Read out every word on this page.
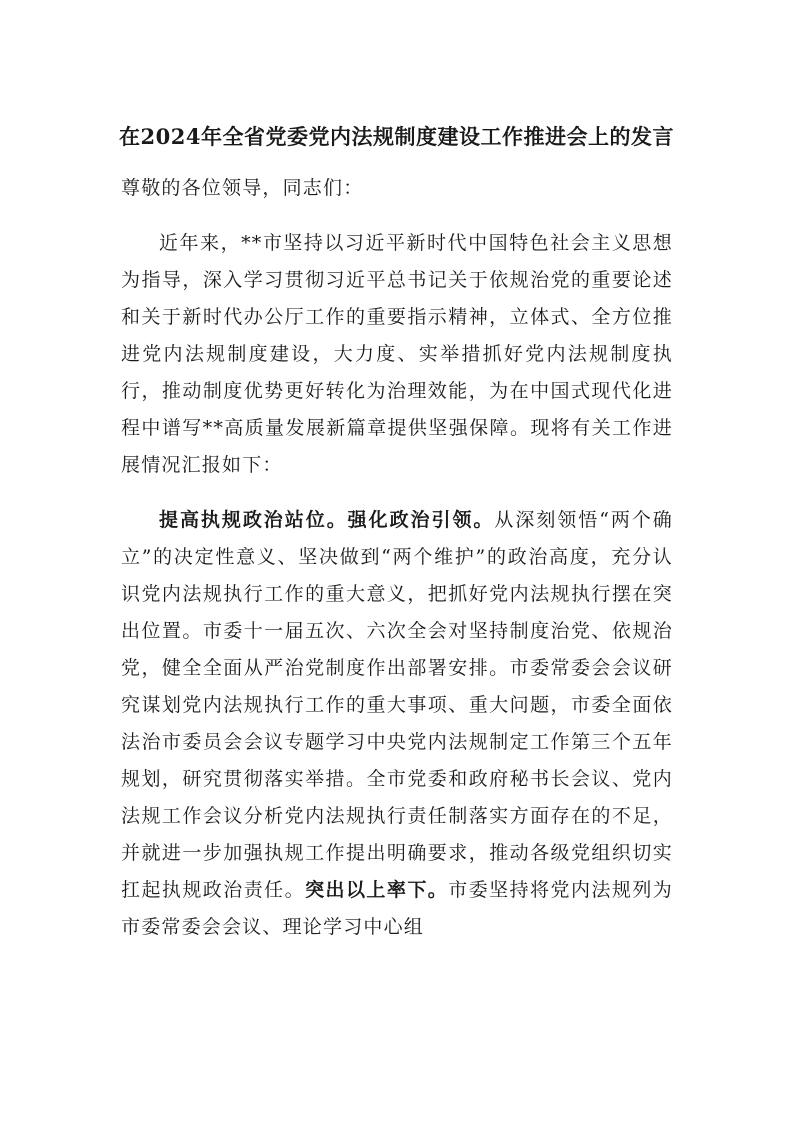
在2024年全省党委党内法规制度建设工作推进会上的发言

尊敬的各位领导，同志们：

近年来，**市坚持以习近平新时代中国特色社会主义思想为指导，深入学习贯彻习近平总书记关于依规治党的重要论述和关于新时代办公厅工作的重要指示精神，立体式、全方位推进党内法规制度建设，大力度、实举措抓好党内法规制度执行，推动制度优势更好转化为治理效能，为在中国式现代化进程中谱写**高质量发展新篇章提供坚强保障。现将有关工作进展情况汇报如下：

提高执规政治站位。强化政治引领。从深刻领悟“两个确立”的决定性意义、坚决做到“两个维护”的政治高度，充分认识党内法规执行工作的重大意义，把抓好党内法规执行摆在突出位置。市委十一届五次、六次全会对坚持制度治党、依规治党，健全全面从严治党制度作出部署安排。市委常委会会议研究谋划党内法规执行工作的重大事项、重大问题，市委全面依法治市委员会会议专题学习中央党内法规制定工作第三个五年规划，研究贯彻落实举措。全市党委和政府秘书长会议、党内法规工作会议分析党内法规执行责任制落实方面存在的不足，并就进一步加强执规工作提出明确要求，推动各级党组织切实扛起执规政治责任。突出以上率下。市委坚持将党内法规列为市委常委会会议、理论学习中心组
